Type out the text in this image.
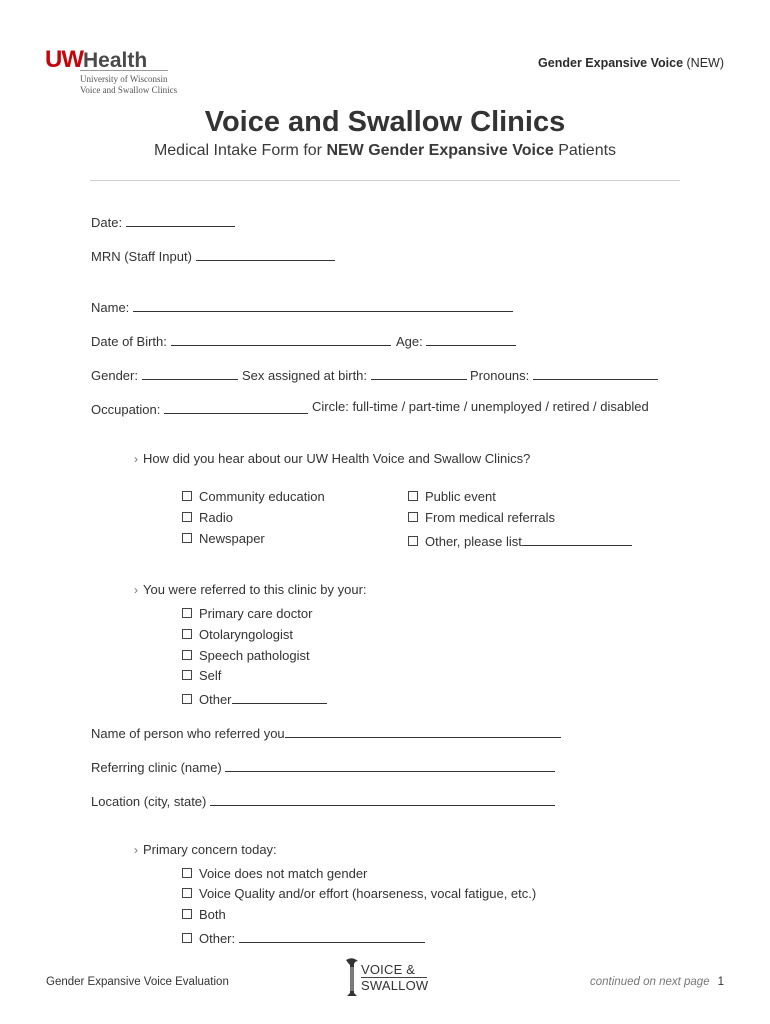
UWHealth
University of Wisconsin
Voice and Swallow Clinics
Gender Expansive Voice (NEW)
Voice and Swallow Clinics
Medical Intake Form for NEW Gender Expansive Voice Patients
Date:
MRN (Staff Input)
Name:
Date of Birth:	Age:
Gender:	Sex assigned at birth:	Pronouns:
Occupation:	Circle: full-time / part-time / unemployed / retired / disabled
› How did you hear about our UW Health Voice and Swallow Clinics?
Community education
Radio
Newspaper
Public event
From medical referrals
Other, please list
› You were referred to this clinic by your:
Primary care doctor
Otolaryngologist
Speech pathologist
Self
Other
Name of person who referred you
Referring clinic (name)
Location (city, state)
› Primary concern today:
Voice does not match gender
Voice Quality and/or effort (hoarseness, vocal fatigue, etc.)
Both
Other:
Gender Expansive Voice Evaluation
VOICE &
SWALLOW	continued on next page 1
